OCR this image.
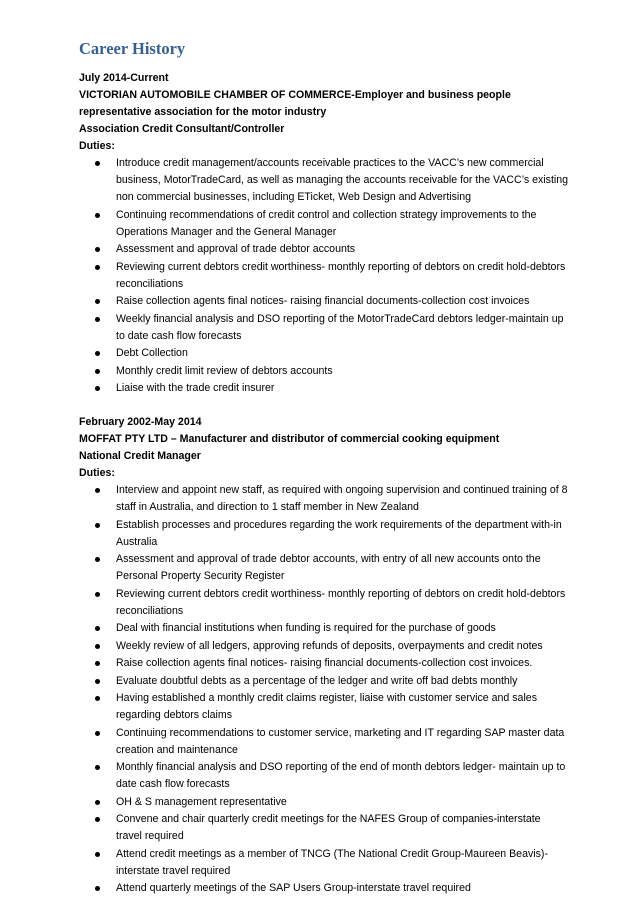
Career History
July 2014-Current
VICTORIAN AUTOMOBILE CHAMBER OF COMMERCE-Employer and business people representative association for the motor industry
Association Credit Consultant/Controller
Duties:
Introduce credit management/accounts receivable practices to the VACC’s new commercial business, MotorTradeCard, as well as managing the accounts receivable for the VACC’s existing non commercial businesses, including ETicket, Web Design and Advertising
Continuing recommendations of credit control and collection strategy improvements to the Operations Manager and the General Manager
Assessment and approval of trade debtor accounts
Reviewing current debtors credit worthiness- monthly reporting of debtors on credit hold-debtors reconciliations
Raise collection agents final notices- raising financial documents-collection cost invoices
Weekly financial analysis and DSO reporting of the MotorTradeCard debtors ledger-maintain up to date cash flow forecasts
Debt Collection
Monthly credit limit review of debtors accounts
Liaise with the trade credit insurer
February 2002-May 2014
MOFFAT PTY LTD – Manufacturer and distributor of commercial cooking equipment
National Credit Manager
Duties:
Interview and appoint new staff, as required with ongoing supervision and continued training of 8 staff in Australia, and direction to 1 staff member in New Zealand
Establish processes and procedures regarding the work requirements of the department with-in Australia
Assessment and approval of trade debtor accounts, with entry of all new accounts onto the Personal Property Security Register
Reviewing current debtors credit worthiness- monthly reporting of debtors on credit hold-debtors reconciliations
Deal with financial institutions when funding is required for the purchase of goods
Weekly review of all ledgers, approving refunds of deposits, overpayments and credit notes
Raise collection agents final notices- raising financial documents-collection cost invoices.
Evaluate doubtful debts as a percentage of the ledger and write off bad debts monthly
Having established a monthly credit claims register, liaise with customer service and sales regarding debtors claims
Continuing recommendations to customer service, marketing and IT regarding SAP master data creation and maintenance
Monthly financial analysis and DSO reporting of the end of month debtors ledger- maintain up to date cash flow forecasts
OH & S management representative
Convene and chair quarterly credit meetings for the NAFES Group of companies-interstate travel required
Attend credit meetings as a member of TNCG (The National Credit Group-Maureen Beavis)-interstate travel required
Attend quarterly meetings of the SAP Users Group-interstate travel required
